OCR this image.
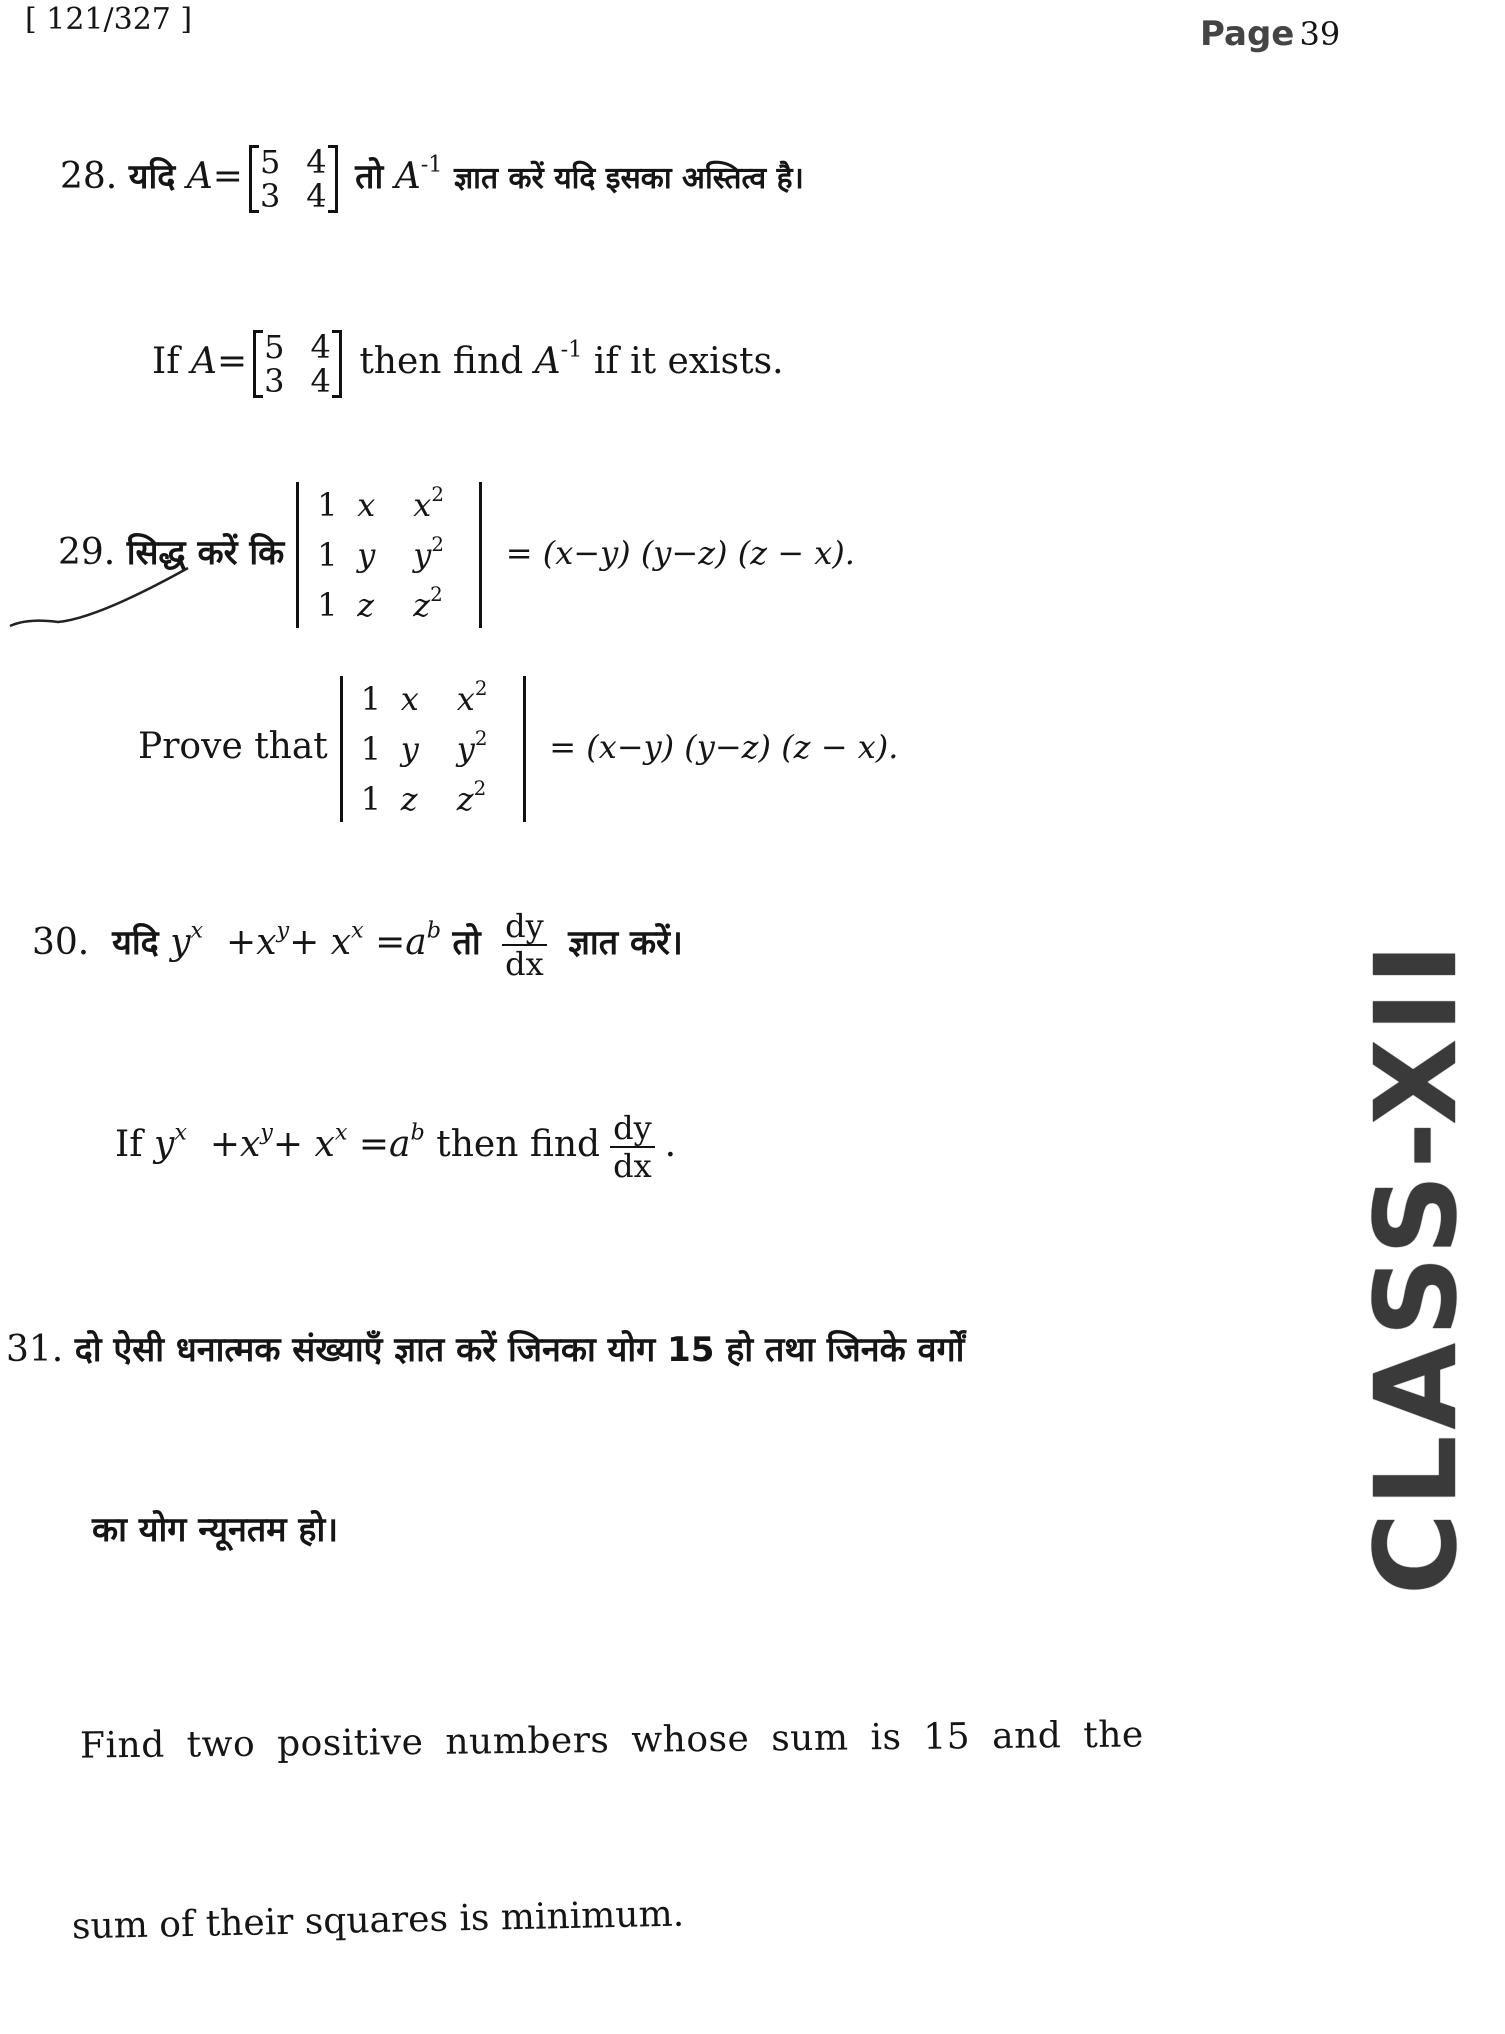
[ 121/327 ]	Page 39
CLASS-XII
28. यदि A= 5 4
3 4 तो $A^{-1}$ ज्ञात करें यदि इसका अस्तित्व है।
If A= 5 4
3 4 then find $A^{-1}$ if it exists.
29. सिद्ध करें कि
1 x	$x^2$
1 y	$y^2$
1 z	$z^2$
= (x−y) (y−z) (z − x).
Prove that
1 x	$x^2$
1 y	$y^2$
1 z	$z^2$
= (x−y) (y−z) (z − x).
30. यदि $y^x +x^y+ x^x =a^b$ तो $\frac{dy}{dx}$ ज्ञात करें।
If $y^x +x^y+ x^x =a^b$ then find $\frac{dy}{dx}$ .
31. दो ऐसी धनात्मक संख्याएँ ज्ञात करें जिनका योग 15 हो तथा जिनके वर्गों
का योग न्यूनतम हो।
Find two positive numbers whose sum is 15 and the
sum of their squares is minimum.
